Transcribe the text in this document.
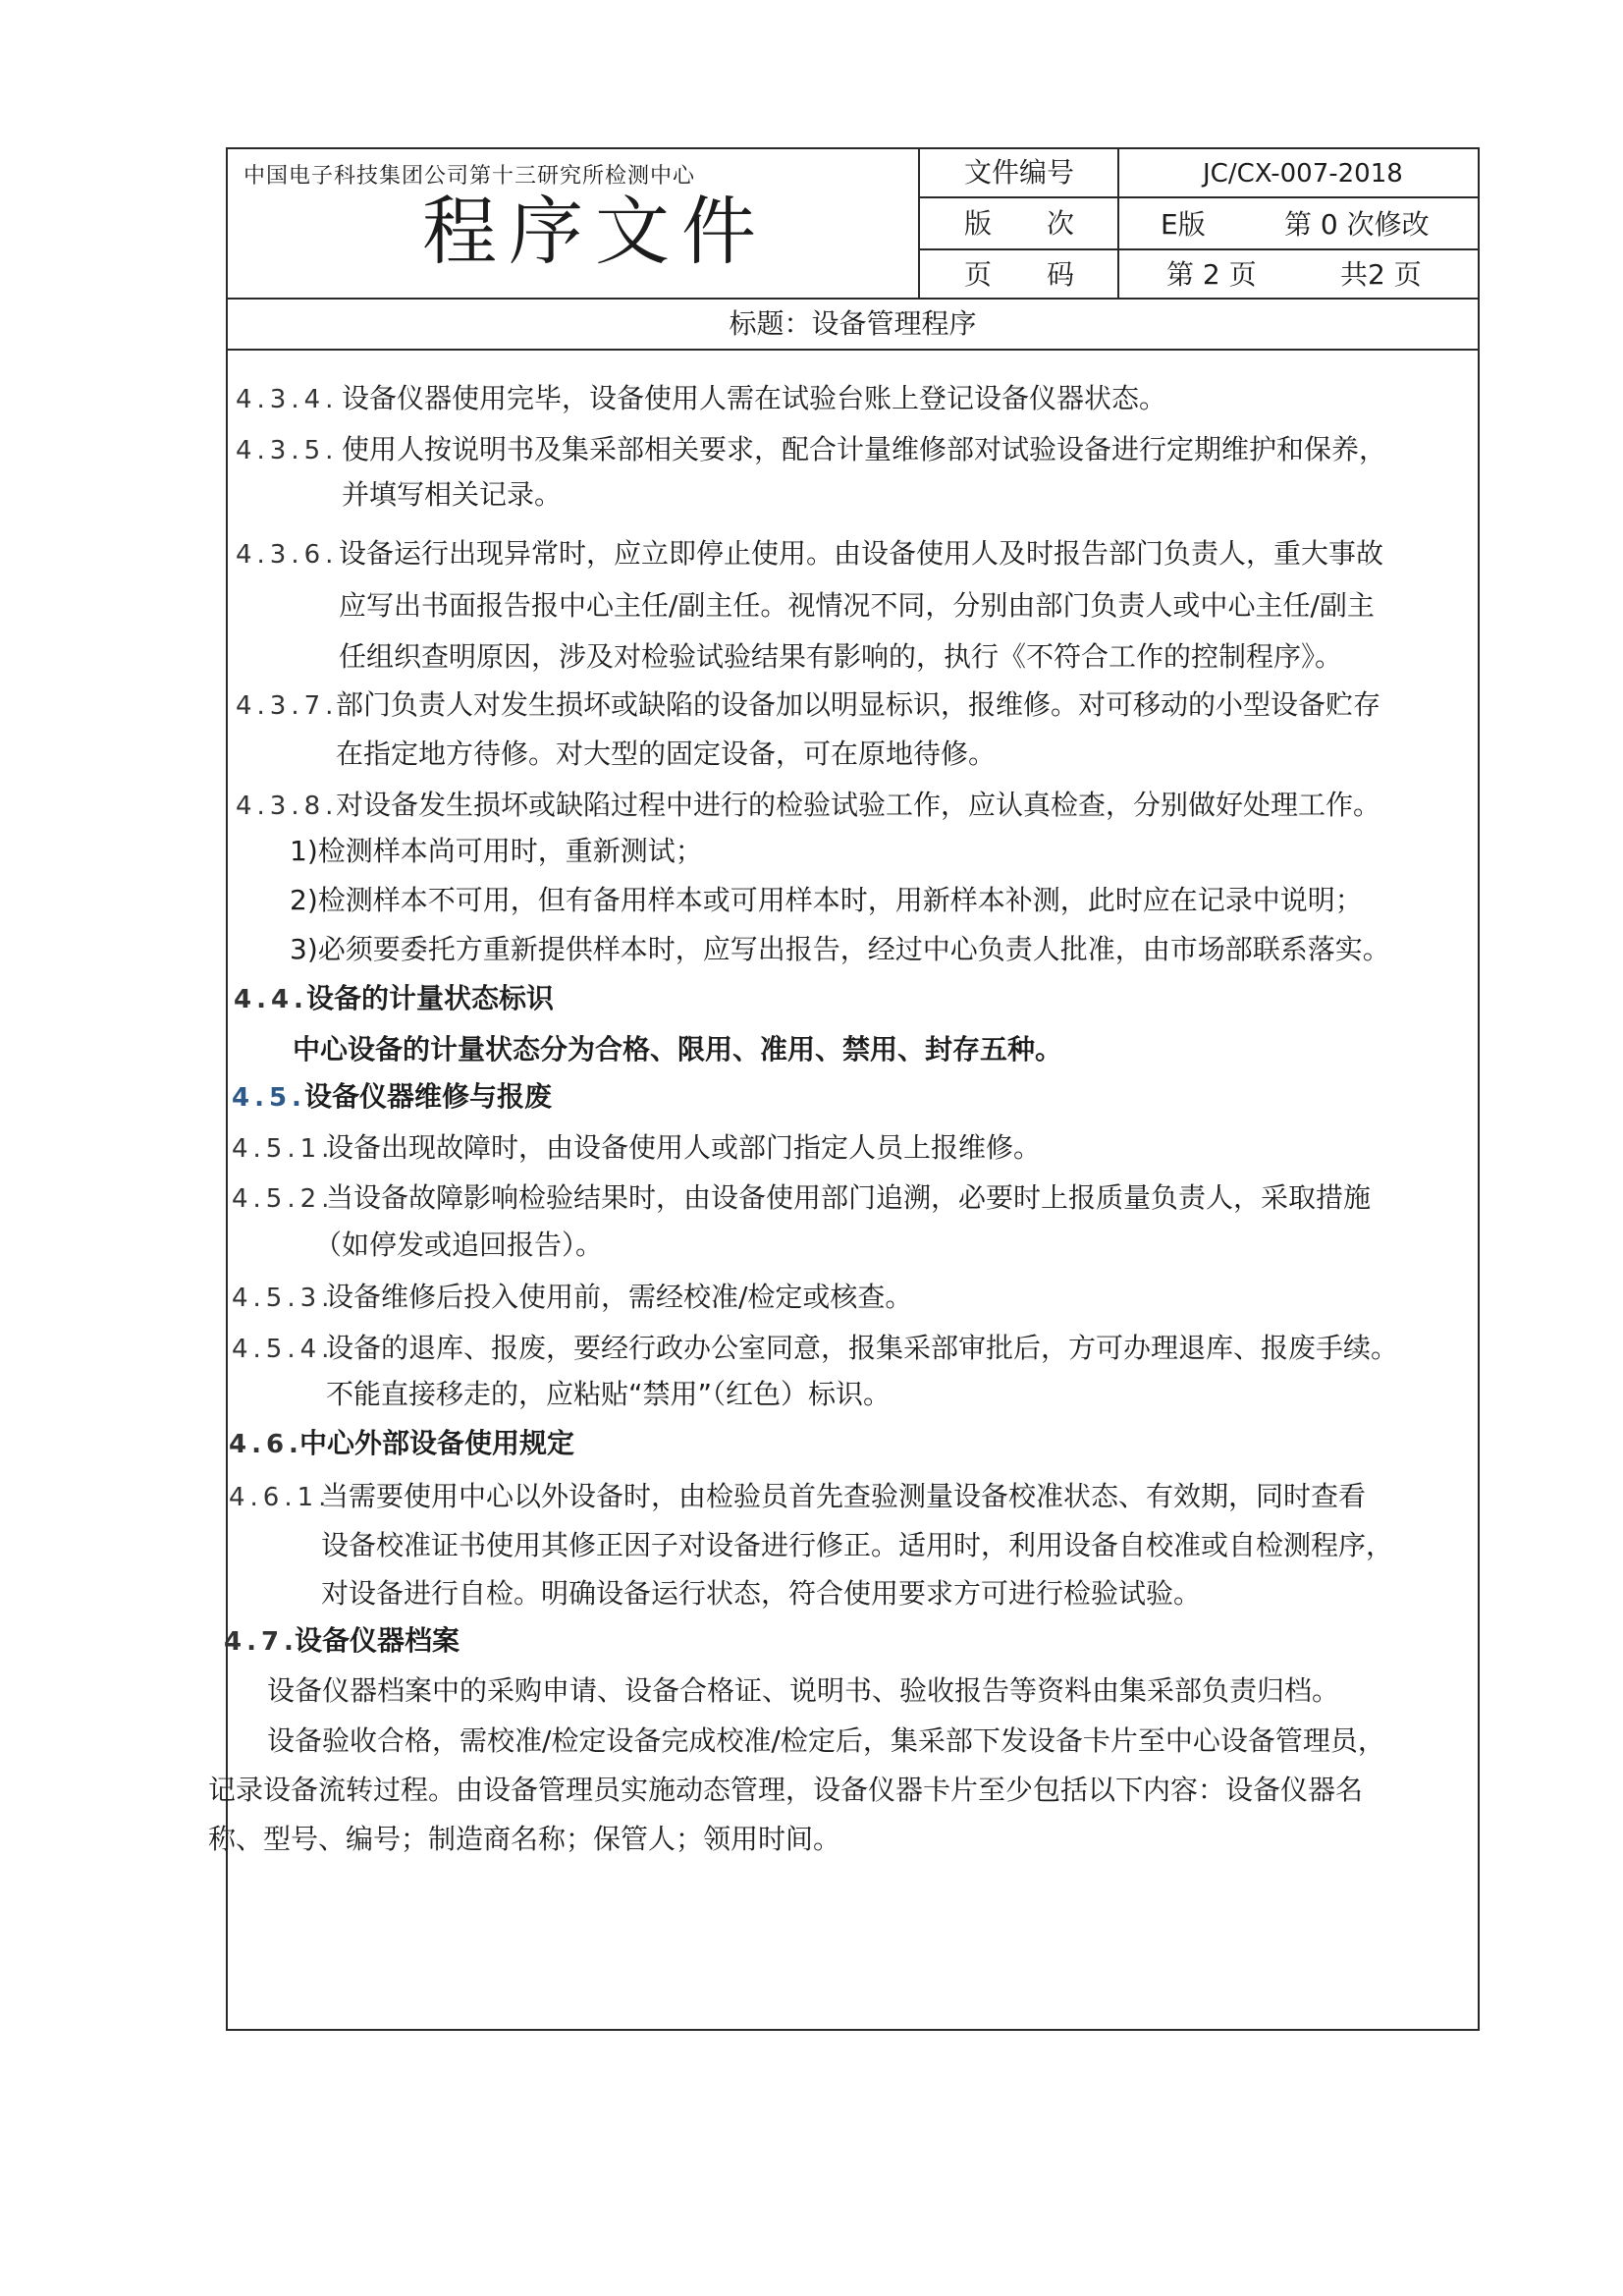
中国电子科技集团公司第十三研究所检测中心
程序文件
文件编号	JC/CX-007-2018
版　　次	E版	第 0 次修改
页　　码	第 2 页	共2 页
标题：设备管理程序
4.3.4. 设备仪器使用完毕，设备使用人需在试验台账上登记设备仪器状态。
4.3.5. 使用人按说明书及集采部相关要求，配合计量维修部对试验设备进行定期维护和保养，
并填写相关记录。
4.3.6. 设备运行出现异常时，应立即停止使用。由设备使用人及时报告部门负责人，重大事故
应写出书面报告报中心主任/副主任。视情况不同，分别由部门负责人或中心主任/副主
任组织查明原因，涉及对检验试验结果有影响的，执行《不符合工作的控制程序》。
4.3.7.
部门负责人对发生损坏或缺陷的设备加以明显标识，报维修。对可移动的小型设备贮存
在指定地方待修。对大型的固定设备，可在原地待修。
4.3.8.
对设备发生损坏或缺陷过程中进行的检验试验工作，应认真检查，分别做好处理工作。
1)检测样本尚可用时，重新测试；
2)检测样本不可用，但有备用样本或可用样本时，用新样本补测，此时应在记录中说明；
3)必须要委托方重新提供样本时，应写出报告，经过中心负责人批准，由市场部联系落实。
4.4.
设备的计量状态标识
中心设备的计量状态分为合格、限用、准用、禁用、封存五种。
4.5.
设备仪器维修与报废
4.5.1.
设备出现故障时，由设备使用人或部门指定人员上报维修。
4.5.2.
当设备故障影响检验结果时，由设备使用部门追溯，必要时上报质量负责人，采取措施
（如停发或追回报告）。
4.5.3.
设备维修后投入使用前，需经校准/检定或核查。
4.5.4.
设备的退库、报废，要经行政办公室同意，报集采部审批后，方可办理退库、报废手续。
不能直接移走的，应粘贴“禁用”（红色）标识。
4.6.
中心外部设备使用规定
4.6.1.
当需要使用中心以外设备时，由检验员首先查验测量设备校准状态、有效期，同时查看
设备校准证书使用其修正因子对设备进行修正。适用时，利用设备自校准或自检测程序，
对设备进行自检。明确设备运行状态，符合使用要求方可进行检验试验。
4.7.
设备仪器档案
设备仪器档案中的采购申请、设备合格证、说明书、验收报告等资料由集采部负责归档。
设备验收合格，需校准/检定设备完成校准/检定后，集采部下发设备卡片至中心设备管理员，
记录设备流转过程。由设备管理员实施动态管理，设备仪器卡片至少包括以下内容：设备仪器名
称、型号、编号；制造商名称；保管人；领用时间。
